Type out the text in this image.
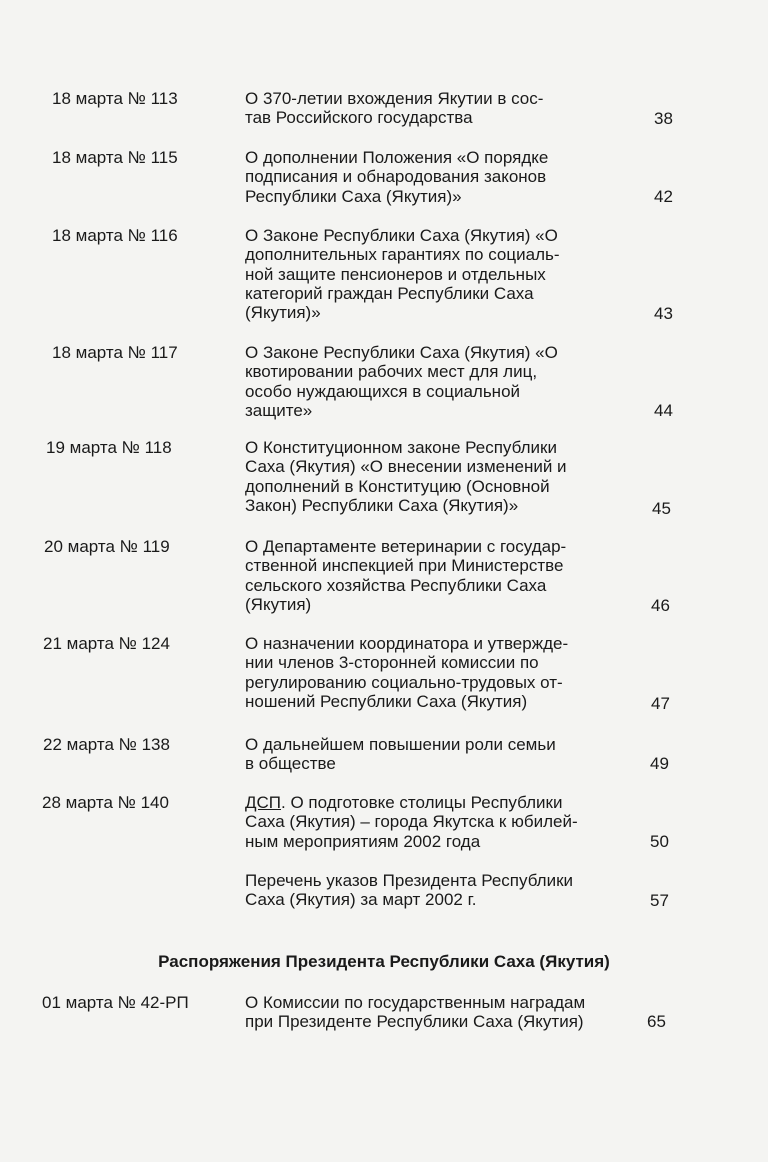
18 марта № 113	О 370-летии вхождения Якутии в сос-
тав Российского государства	38
18 марта № 115	О дополнении Положения «О порядке
подписания и обнародования законов
Республики Саха (Якутия)»	42
18 марта № 116	О Законе Республики Саха (Якутия) «О
дополнительных гарантиях по социаль-
ной защите пенсионеров и отдельных
категорий граждан Республики Саха
(Якутия)»	43
18 марта № 117	О Законе Республики Саха (Якутия) «О
квотировании рабочих мест для лиц,
особо нуждающихся в социальной
защите»	44
19 марта № 118	О Конституционном законе Республики
Саха (Якутия) «О внесении изменений и
дополнений в Конституцию (Основной
Закон) Республики Саха (Якутия)»	45
20 марта № 119	О Департаменте ветеринарии с государ-
ственной инспекцией при Министерстве
сельского хозяйства Республики Саха
(Якутия)	46
21 марта № 124	О назначении координатора и утвержде-
нии членов 3-сторонней комиссии по
регулированию социально-трудовых от-
ношений Республики Саха (Якутия)	47
22 марта № 138	О дальнейшем повышении роли семьи
в обществе	49
28 марта № 140	ДСП. О подготовке столицы Республики
Саха (Якутия) – города Якутска к юбилей-
ным мероприятиям 2002 года	50
Перечень указов Президента Республики
Саха (Якутия) за март 2002 г.	57
Распоряжения Президента Республики Саха (Якутия)
01 марта № 42-РП	О Комиссии по государственным наградам
при Президенте Республики Саха (Якутия)	65
